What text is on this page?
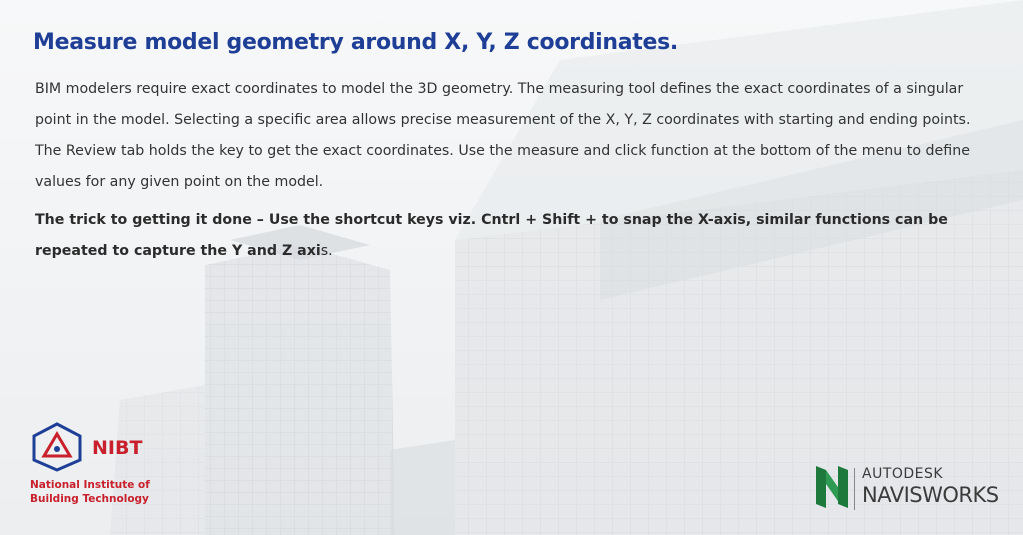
Measure model geometry around X, Y, Z coordinates.

BIM modelers require exact coordinates to model the 3D geometry. The measuring tool defines the exact coordinates of a singular point in the model. Selecting a specific area allows precise measurement of the X, Y, Z coordinates with starting and ending points. The Review tab holds the key to get the exact coordinates. Use the measure and click function at the bottom of the menu to define values for any given point on the model.

The trick to getting it done – Use the shortcut keys viz. Cntrl + Shift + to snap the X-axis, similar functions can be repeated to capture the Y and Z axis.

NIBT
National Institute of
Building Technology
AUTODESK
NAVISWORKS
